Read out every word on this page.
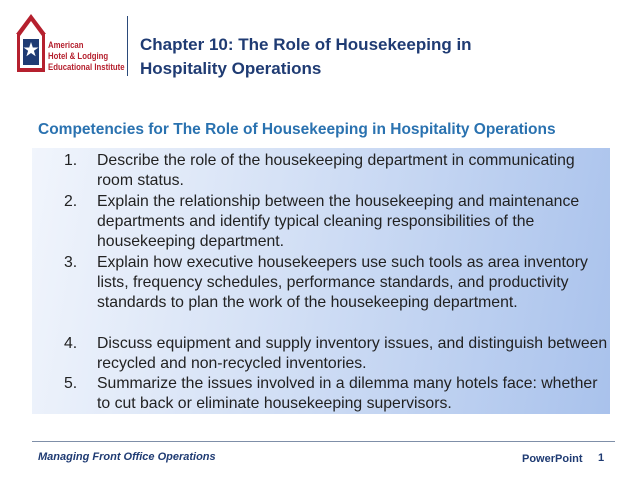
American
Hotel & Lodging
Educational Institute
Chapter 10: The Role of Housekeeping in
Hospitality Operations
Competencies for The Role of Housekeeping in Hospitality Operations
1. Describe the role of the housekeeping department in communicating room status.
2. Explain the relationship between the housekeeping and maintenance departments and identify typical cleaning responsibilities of the housekeeping department.
3. Explain how executive housekeepers use such tools as area inventory lists, frequency schedules, performance standards, and productivity standards to plan the work of the housekeeping department.
4. Discuss equipment and supply inventory issues, and distinguish between recycled and non-recycled inventories.
5. Summarize the issues involved in a dilemma many hotels face: whether to cut back or eliminate housekeeping supervisors.
Managing Front Office Operations	PowerPoint 1
